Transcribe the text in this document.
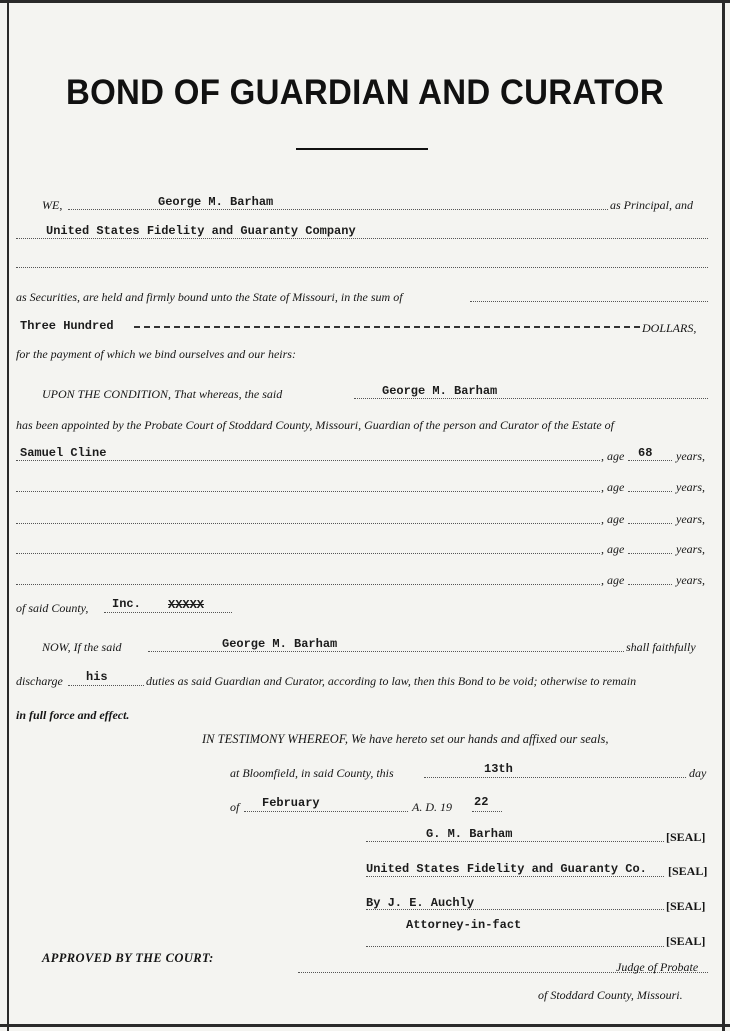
BOND OF GUARDIAN AND CURATOR
WE,	George M. Barham	as Principal, and
United States Fidelity and Guaranty Company
as Securities, are held and firmly bound unto the State of Missouri, in the sum of
Three Hundred	DOLLARS,
for the payment of which we bind ourselves and our heirs:
UPON THE CONDITION, That whereas, the said	George M. Barham
has been appointed by the Probate Court of Stoddard County, Missouri, Guardian of the person and Curator of the Estate of
Samuel Cline	, age 68 years,
, age	years,
, age	years,
, age	years,
, age	years,
of said County, Inc. XXXXX
NOW, If the said	George M. Barham	shall faithfully
discharge his	duties as said Guardian and Curator, according to law, then this Bond to be void; otherwise to remain
in full force and effect.
IN TESTIMONY WHEREOF, We have hereto set our hands and affixed our seals,
at Bloomfield, in said County, this	13th	day
of February	A. D. 19 22
G. M. Barham	[SEAL]
United States Fidelity and Guaranty Co. [SEAL]
By J. E. Auchly	[SEAL]
Attorney-in-fact
[SEAL]
APPROVED BY THE COURT:
Judge of Probate
of Stoddard County, Missouri.
